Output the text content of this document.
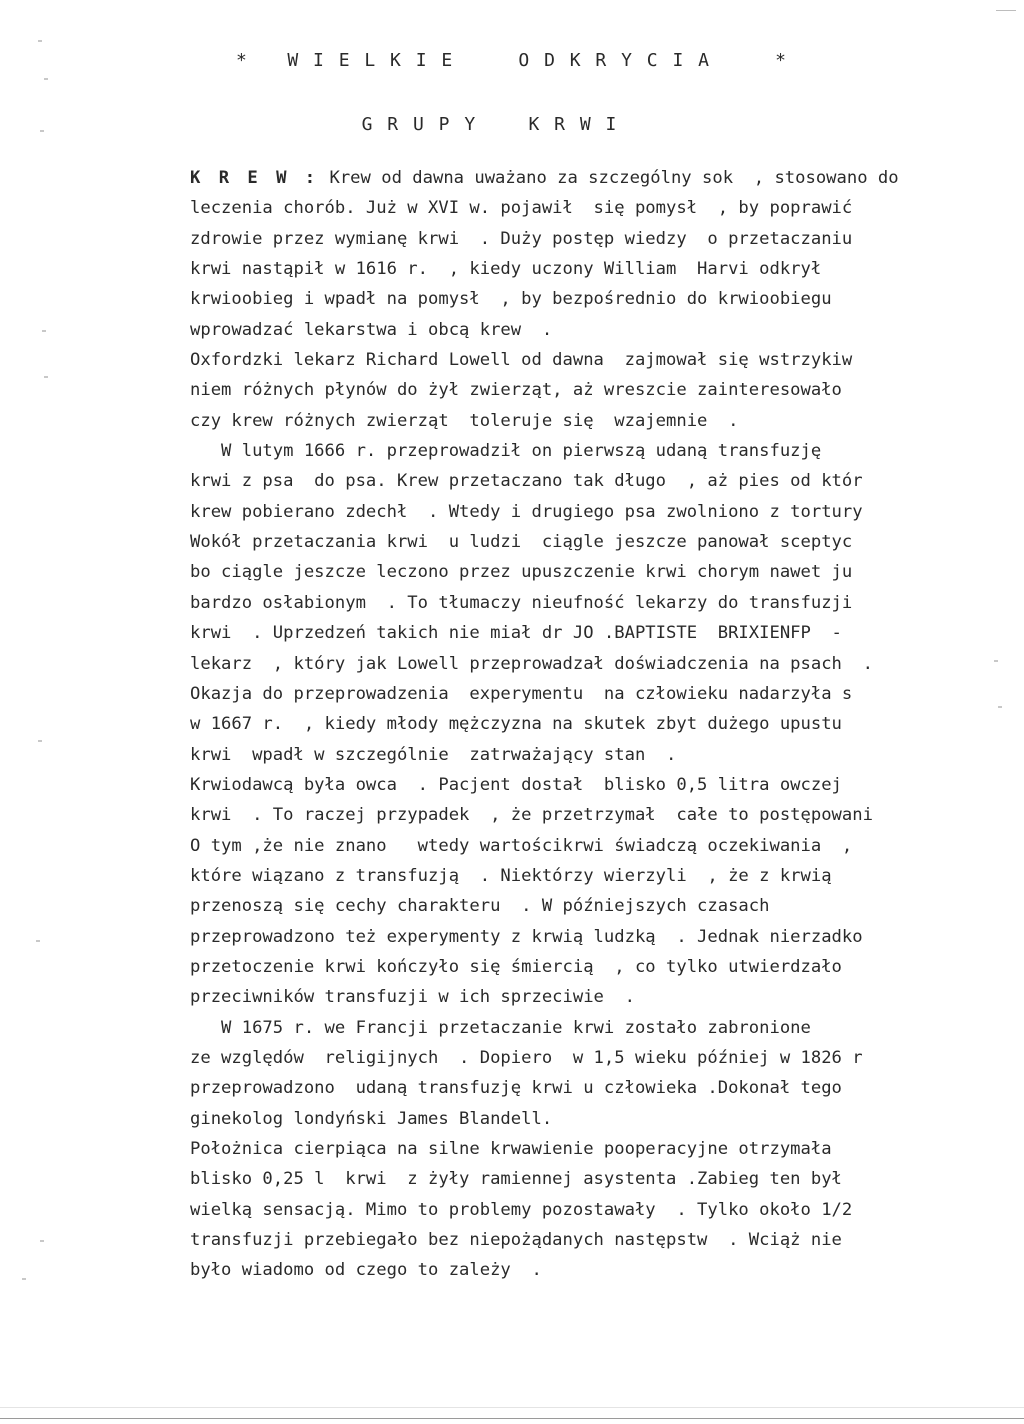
*   W I E L K I E     O D K R Y C I A     *
G R U P Y    K R W I
K R E W : Krew od dawna uważano za szczególny sok  , stosowano do
leczenia chorób. Już w XVI w. pojawił  się pomysł  , by poprawić
zdrowie przez wymianę krwi  . Duży postęp wiedzy  o przetaczaniu
krwi nastąpił w 1616 r.  , kiedy uczony William  Harvi odkrył
krwioobieg i wpadł na pomysł  , by bezpośrednio do krwioobiegu
wprowadzać lekarstwa i obcą krew  .
Oxfordzki lekarz Richard Lowell od dawna  zajmował się wstrzykiw
niem różnych płynów do żył zwierząt, aż wreszcie zainteresowało
czy krew różnych zwierząt  toleruje się  wzajemnie  .
W lutym 1666 r. przeprowadził on pierwszą udaną transfuzję
krwi z psa  do psa. Krew przetaczano tak długo  , aż pies od któr
krew pobierano zdechł  . Wtedy i drugiego psa zwolniono z tortury
Wokół przetaczania krwi  u ludzi  ciągle jeszcze panował sceptyc
bo ciągle jeszcze leczono przez upuszczenie krwi chorym nawet ju
bardzo osłabionym  . To tłumaczy nieufność lekarzy do transfuzji
krwi  . Uprzedzeń takich nie miał dr JO .BAPTISTE  BRIXIENFP  -
lekarz  , który jak Lowell przeprowadzał doświadczenia na psach  .
Okazja do przeprowadzenia  experymentu  na człowieku nadarzyła s
w 1667 r.  , kiedy młody mężczyzna na skutek zbyt dużego upustu
krwi  wpadł w szczególnie  zatrważający stan  .
Krwiodawcą była owca  . Pacjent dostał  blisko 0,5 litra owczej
krwi  . To raczej przypadek  , że przetrzymał  całe to postępowani
O tym ,że nie znano   wtedy wartościkrwi świadczą oczekiwania  ,
które wiązano z transfuzją  . Niektórzy wierzyli  , że z krwią
przenoszą się cechy charakteru  . W późniejszych czasach
przeprowadzono też experymenty z krwią ludzką  . Jednak nierzadko
przetoczenie krwi kończyło się śmiercią  , co tylko utwierdzało
przeciwników transfuzji w ich sprzeciwie  .
W 1675 r. we Francji przetaczanie krwi zostało zabronione
ze względów  religijnych  . Dopiero  w 1,5 wieku później w 1826 r
przeprowadzono  udaną transfuzję krwi u człowieka .Dokonał tego
ginekolog londyński James Blandell.
Położnica cierpiąca na silne krwawienie pooperacyjne otrzymała
blisko 0,25 l  krwi  z żyły ramiennej asystenta .Zabieg ten był
wielką sensacją. Mimo to problemy pozostawały  . Tylko około 1/2
transfuzji przebiegało bez niepożądanych następstw  . Wciąż nie
było wiadomo od czego to zależy  .
